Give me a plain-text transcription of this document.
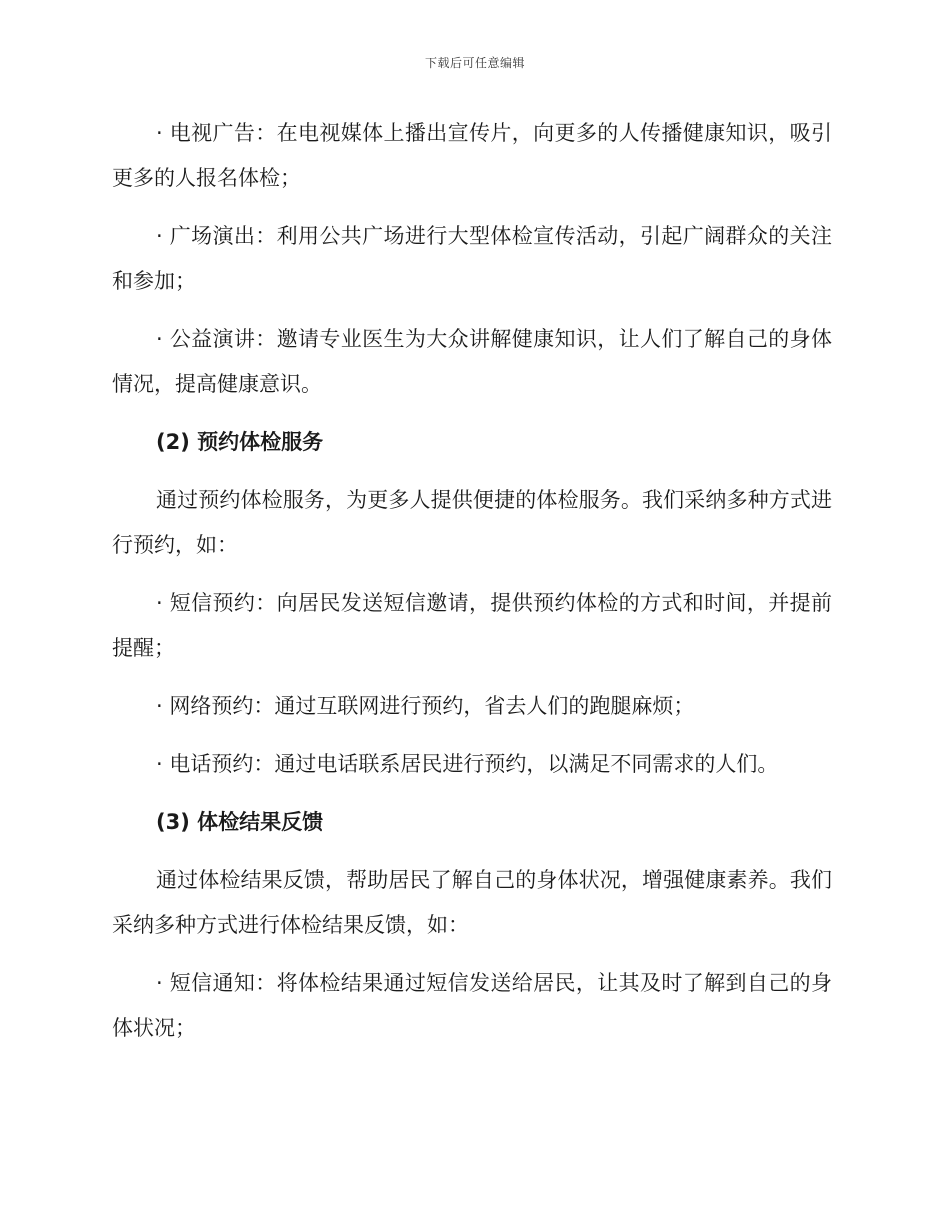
下载后可任意编辑

· 电视广告：在电视媒体上播出宣传片，向更多的人传播健康知识，吸引更多的人报名体检；

· 广场演出：利用公共广场进行大型体检宣传活动，引起广阔群众的关注和参加；

· 公益演讲：邀请专业医生为大众讲解健康知识，让人们了解自己的身体情况，提高健康意识。

(2) 预约体检服务

通过预约体检服务，为更多人提供便捷的体检服务。我们采纳多种方式进行预约，如：

· 短信预约：向居民发送短信邀请，提供预约体检的方式和时间，并提前提醒；

· 网络预约：通过互联网进行预约，省去人们的跑腿麻烦；

· 电话预约：通过电话联系居民进行预约，以满足不同需求的人们。

(3) 体检结果反馈

通过体检结果反馈，帮助居民了解自己的身体状况，增强健康素养。我们采纳多种方式进行体检结果反馈，如：

· 短信通知：将体检结果通过短信发送给居民，让其及时了解到自己的身体状况；
